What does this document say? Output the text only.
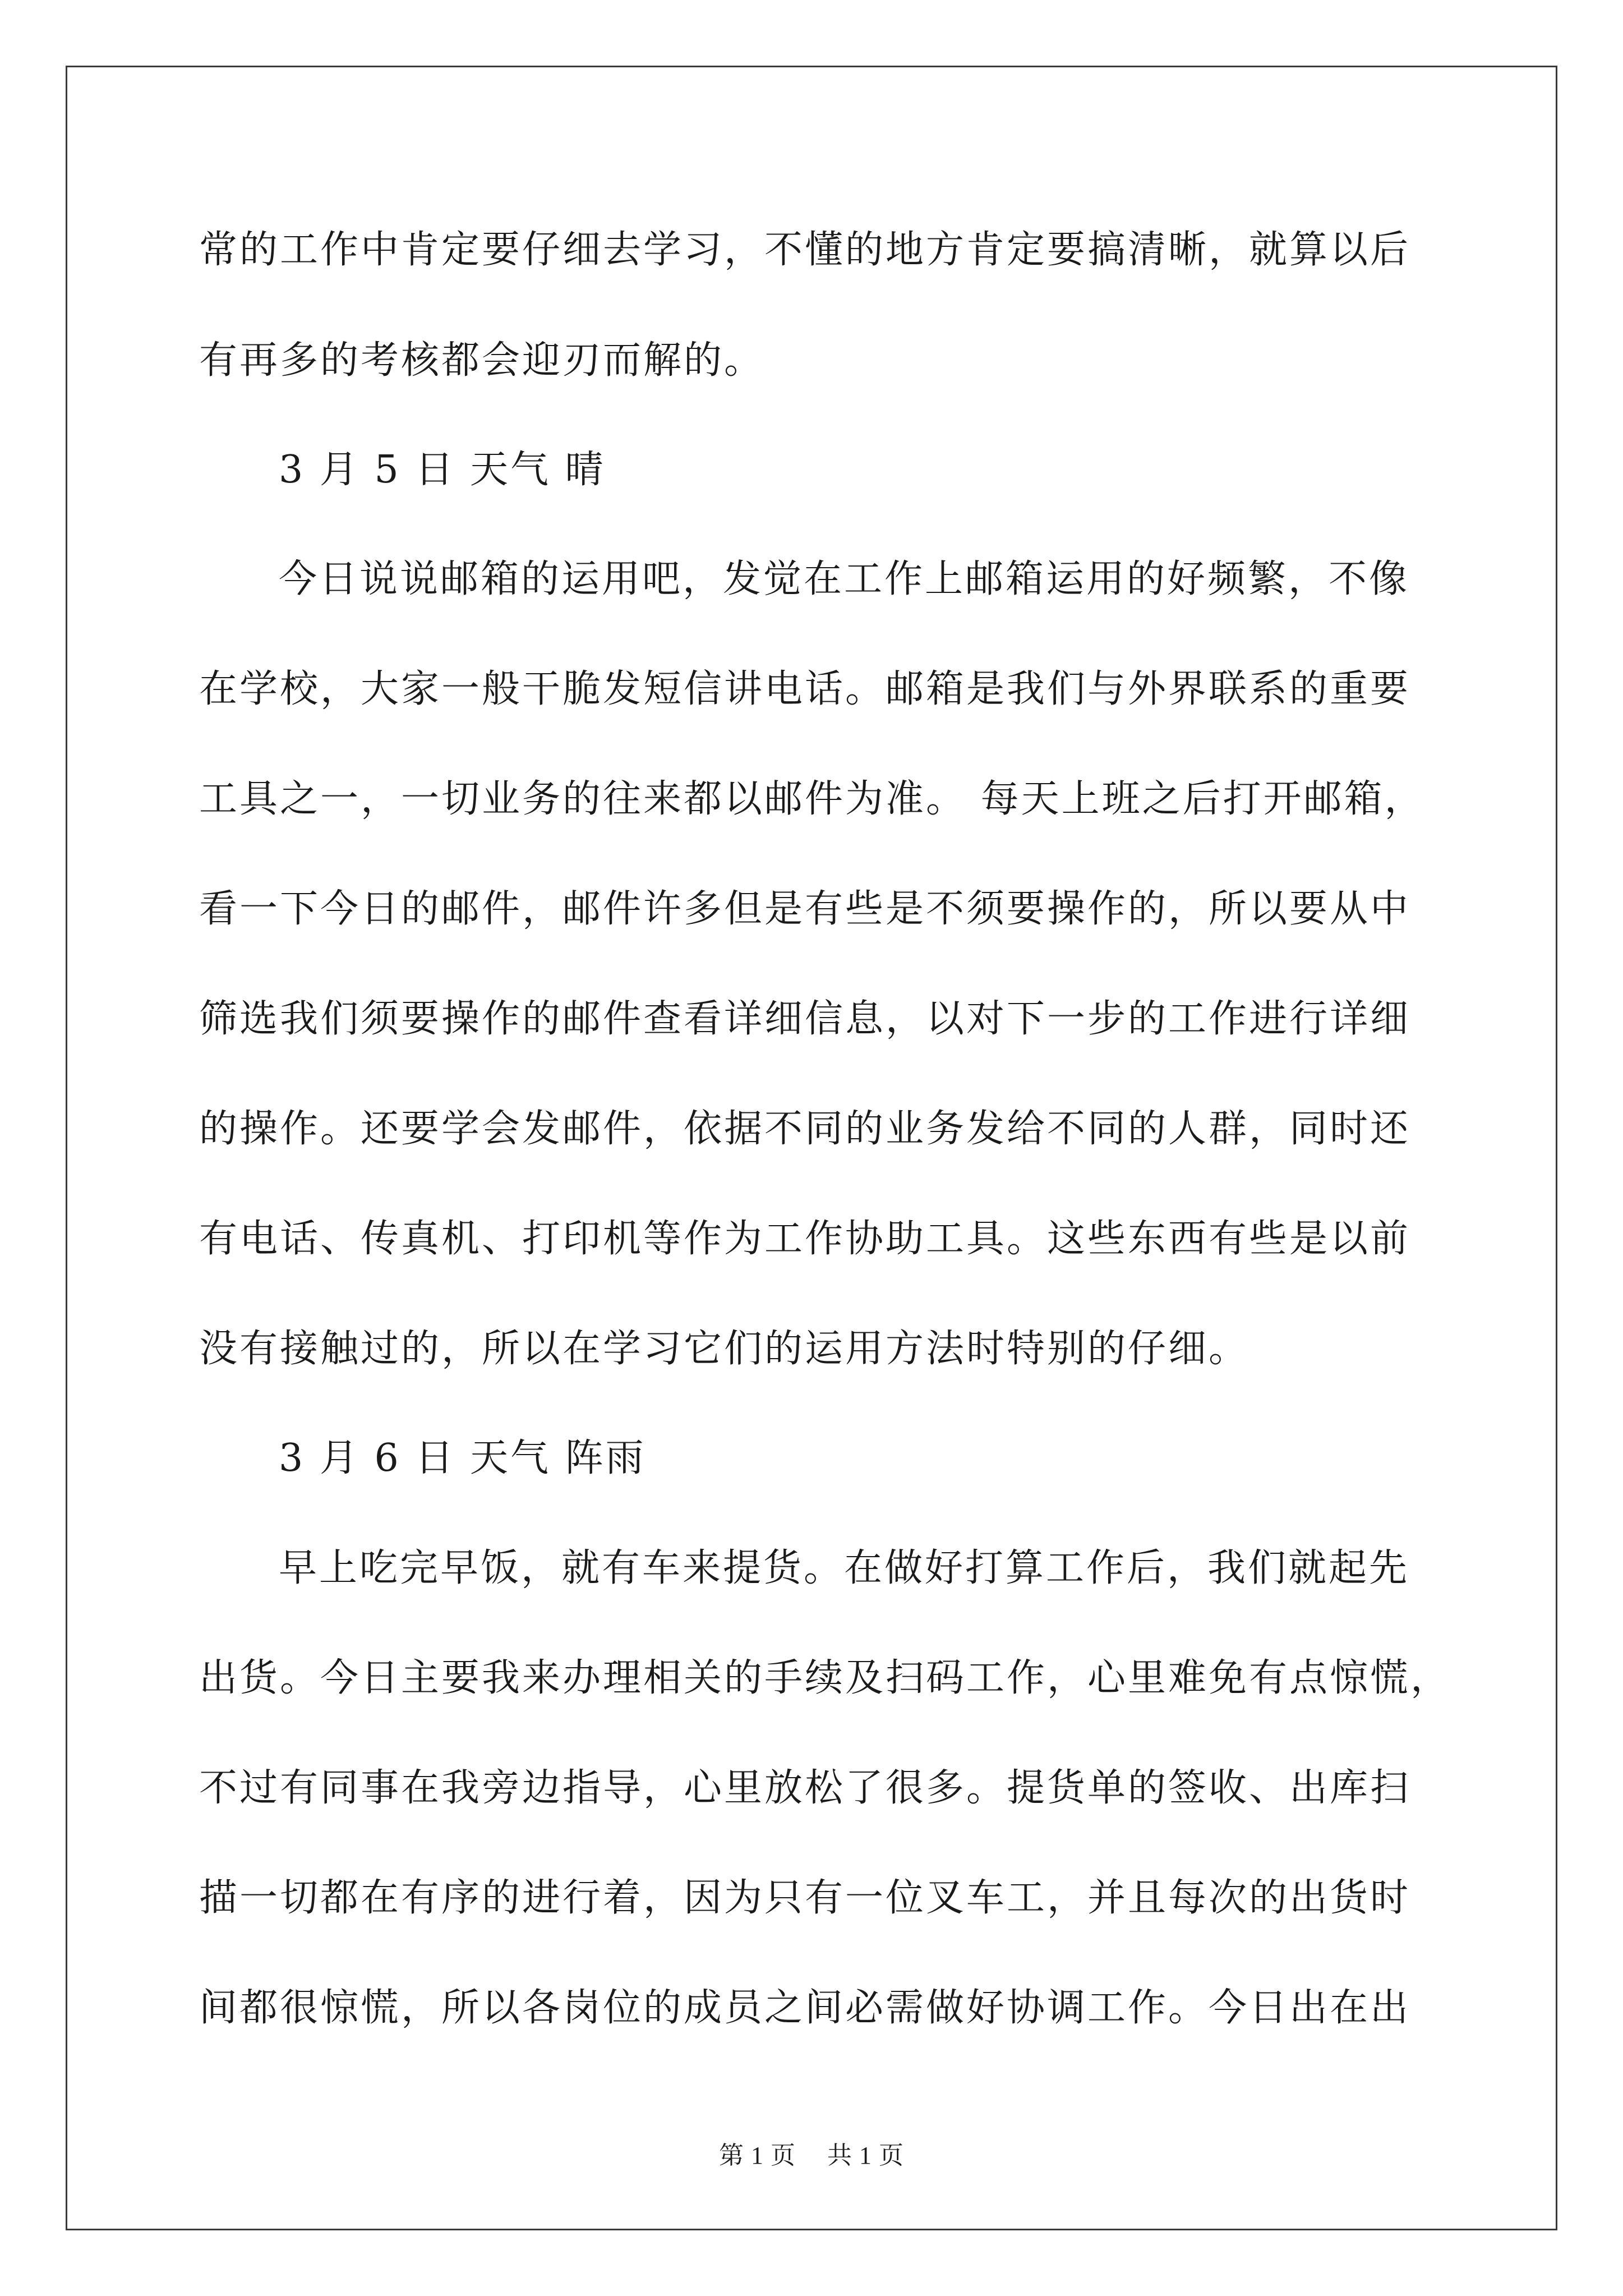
常的工作中肯定要仔细去学习，不懂的地方肯定要搞清晰，就算以后
有再多的考核都会迎刃而解的。
3 月 5 日 天气 晴
今日说说邮箱的运用吧，发觉在工作上邮箱运用的好频繁，不像
在学校，大家一般干脆发短信讲电话。邮箱是我们与外界联系的重要
工具之一，一切业务的往来都以邮件为准。 每天上班之后打开邮箱，
看一下今日的邮件，邮件许多但是有些是不须要操作的，所以要从中
筛选我们须要操作的邮件查看详细信息，以对下一步的工作进行详细
的操作。还要学会发邮件，依据不同的业务发给不同的人群，同时还
有电话、传真机、打印机等作为工作协助工具。这些东西有些是以前
没有接触过的，所以在学习它们的运用方法时特别的仔细。
3 月 6 日 天气 阵雨
早上吃完早饭，就有车来提货。在做好打算工作后，我们就起先
出货。今日主要我来办理相关的手续及扫码工作，心里难免有点惊慌，
不过有同事在我旁边指导，心里放松了很多。提货单的签收、出库扫
描一切都在有序的进行着，因为只有一位叉车工，并且每次的出货时
间都很惊慌，所以各岗位的成员之间必需做好协调工作。今日出在出
第 1 页 共 1 页
